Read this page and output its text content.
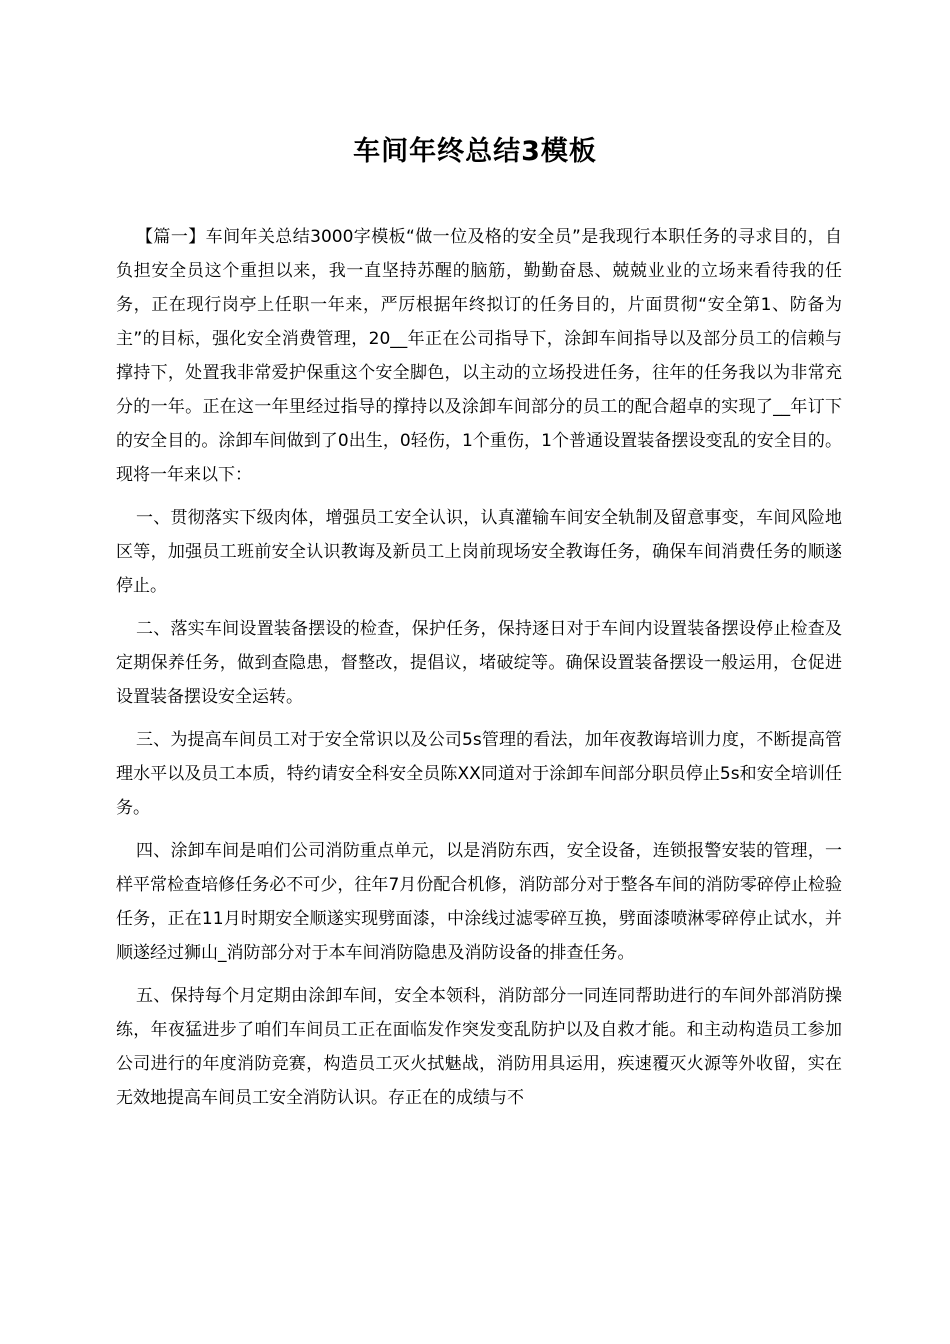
车间年终总结3模板

【篇一】车间年关总结3000字模板“做一位及格的安全员”是我现行本职任务的寻求目的，自负担安全员这个重担以来，我一直坚持苏醒的脑筋，勤勤奋恳、兢兢业业的立场来看待我的任务，正在现行岗亭上任职一年来，严厉根据年终拟订的任务目的，片面贯彻“安全第1、防备为主”的目标，强化安全消费管理，20__年正在公司指导下，涂卸车间指导以及部分员工的信赖与撑持下，处置我非常爱护保重这个安全脚色，以主动的立场投进任务，往年的任务我以为非常充分的一年。正在这一年里经过指导的撑持以及涂卸车间部分的员工的配合超卓的实现了__年订下的安全目的。涂卸车间做到了0出生，0轻伤，1个重伤，1个普通设置装备摆设变乱的安全目的。现将一年来以下：

一、贯彻落实下级肉体，增强员工安全认识，认真灌输车间安全轨制及留意事变，车间风险地区等，加强员工班前安全认识教诲及新员工上岗前现场安全教诲任务，确保车间消费任务的顺遂停止。

二、落实车间设置装备摆设的检查，保护任务，保持逐日对于车间内设置装备摆设停止检查及定期保养任务，做到查隐患，督整改，提倡议，堵破绽等。确保设置装备摆设一般运用，仓促进设置装备摆设安全运转。

三、为提高车间员工对于安全常识以及公司5s管理的看法，加年夜教诲培训力度，不断提高管理水平以及员工本质，特约请安全科安全员陈XX同道对于涂卸车间部分职员停止5s和安全培训任务。

四、涂卸车间是咱们公司消防重点单元，以是消防东西，安全设备，连锁报警安装的管理，一样平常检查培修任务必不可少，往年7月份配合机修，消防部分对于整各车间的消防零碎停止检验任务，正在11月时期安全顺遂实现劈面漆，中涂线过滤零碎互换，劈面漆喷淋零碎停止试水，并顺遂经过狮山_消防部分对于本车间消防隐患及消防设备的排查任务。

五、保持每个月定期由涂卸车间，安全本领科，消防部分一同连同帮助进行的车间外部消防操练，年夜猛进步了咱们车间员工正在面临发作突发变乱防护以及自救才能。和主动构造员工参加公司进行的年度消防竞赛，构造员工灭火拭魅战，消防用具运用，疾速覆灭火源等外收留，实在无效地提高车间员工安全消防认识。存正在的成绩与不
